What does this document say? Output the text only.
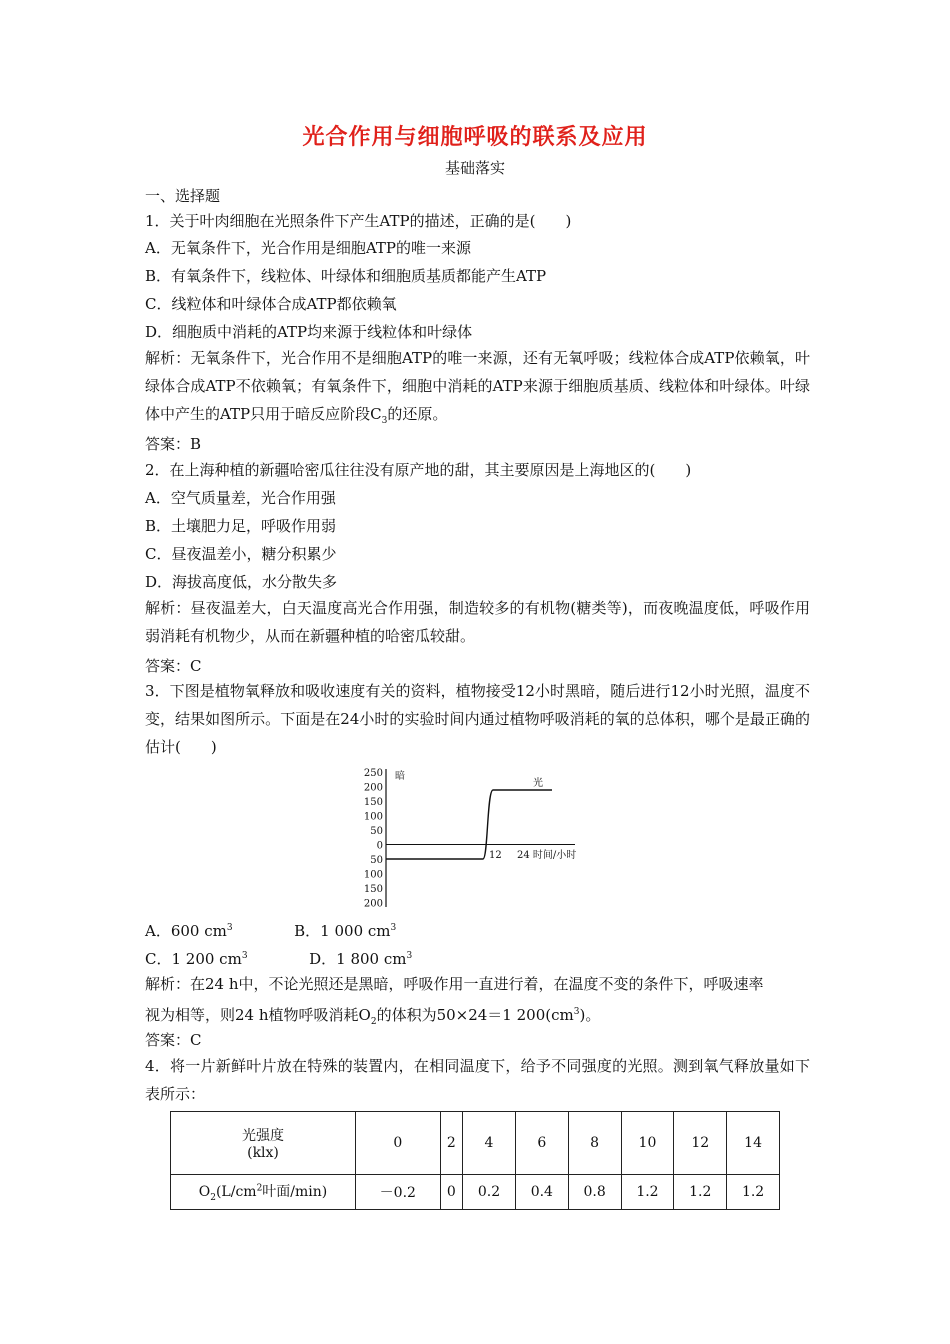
光合作用与细胞呼吸的联系及应用
基础落实
一、选择题
1．关于叶肉细胞在光照条件下产生ATP的描述，正确的是(　　)
A．无氧条件下，光合作用是细胞ATP的唯一来源
B．有氧条件下，线粒体、叶绿体和细胞质基质都能产生ATP
C．线粒体和叶绿体合成ATP都依赖氧
D．细胞质中消耗的ATP均来源于线粒体和叶绿体
解析：无氧条件下，光合作用不是细胞ATP的唯一来源，还有无氧呼吸；线粒体合成ATP依赖氧，叶绿体合成ATP不依赖氧；有氧条件下，细胞中消耗的ATP来源于细胞质基质、线粒体和叶绿体。叶绿体中产生的ATP只用于暗反应阶段$C_3$的还原。
答案：B
2．在上海种植的新疆哈密瓜往往没有原产地的甜，其主要原因是上海地区的(　　)
A．空气质量差，光合作用强
B．土壤肥力足，呼吸作用弱
C．昼夜温差小，糖分积累少
D．海拔高度低，水分散失多
解析：昼夜温差大，白天温度高光合作用强，制造较多的有机物(糖类等)，而夜晚温度低，呼吸作用弱消耗有机物少，从而在新疆种植的哈密瓜较甜。
答案：C
3．下图是植物氧释放和吸收速度有关的资料，植物接受12小时黑暗，随后进行12小时光照，温度不变，结果如图所示。下面是在24小时的实验时间内通过植物呼吸消耗的氧的总体积，哪个是最正确的估计(　　)
250
200
150
100
50
0
50
100
150
200
暗
光
12 24 时间/小时
A．600 $cm^3$	B．1 000 $cm^3$
C．1 200 $cm^3$	D．1 800 $cm^3$
解析：在24 h中，不论光照还是黑暗，呼吸作用一直进行着，在温度不变的条件下，呼吸速率
视为相等，则24 h植物呼吸消耗$O_2$的体积为50×24＝1 $200(cm^3)$。
答案：C
4．将一片新鲜叶片放在特殊的装置内，在相同温度下，给予不同强度的光照。测到氧气释放量如下表所示：
光强度
(klx)	0	2	4	6	8	10	12	14
$O_2(L/cm^2$叶面/min)	－0.2	0	0.2	0.4	0.8	1.2	1.2	1.2
